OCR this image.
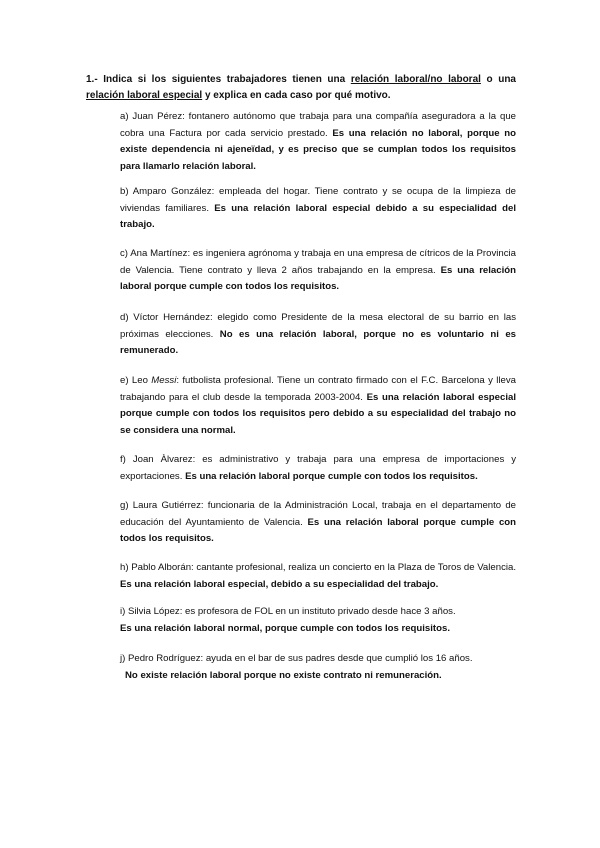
1.- Indica si los siguientes trabajadores tienen una relación laboral/no laboral o una relación laboral especial y explica en cada caso por qué motivo.
a) Juan Pérez: fontanero autónomo que trabaja para una compañía aseguradora a la que cobra una Factura por cada servicio prestado. Es una relación no laboral, porque no existe dependencia ni ajeneïdad, y es preciso que se cumplan todos los requisitos para llamarlo relación laboral.
b) Amparo González: empleada del hogar. Tiene contrato y se ocupa de la limpieza de viviendas familiares. Es una relación laboral especial debido a su especialidad del trabajo.
c) Ana Martínez: es ingeniera agrónoma y trabaja en una empresa de cítricos de la Provincia de Valencia. Tiene contrato y lleva 2 años trabajando en la empresa. Es una relación laboral porque cumple con todos los requisitos.
d) Víctor Hernández: elegido como Presidente de la mesa electoral de su barrio en las próximas elecciones. No es una relación laboral, porque no es voluntario ni es remunerado.
e) Leo Messi: futbolista profesional. Tiene un contrato firmado con el F.C. Barcelona y lleva trabajando para el club desde la temporada 2003-2004. Es una relación laboral especial porque cumple con todos los requisitos pero debido a su especialidad del trabajo no se considera una normal.
f) Joan Àlvarez: es administrativo y trabaja para una empresa de importaciones y exportaciones. Es una relación laboral porque cumple con todos los requisitos.
g) Laura Gutiérrez: funcionaria de la Administración Local, trabaja en el departamento de educación del Ayuntamiento de Valencia. Es una relación laboral porque cumple con todos los requisitos.
h) Pablo Alborán: cantante profesional, realiza un concierto en la Plaza de Toros de Valencia. Es una relación laboral especial, debido a su especialidad del trabajo.
i) Silvia López: es profesora de FOL en un instituto privado desde hace 3 años.
Es una relación laboral normal, porque cumple con todos los requisitos.
j) Pedro Rodríguez: ayuda en el bar de sus padres desde que cumplió los 16 años.
No existe relación laboral porque no existe contrato ni remuneración.
